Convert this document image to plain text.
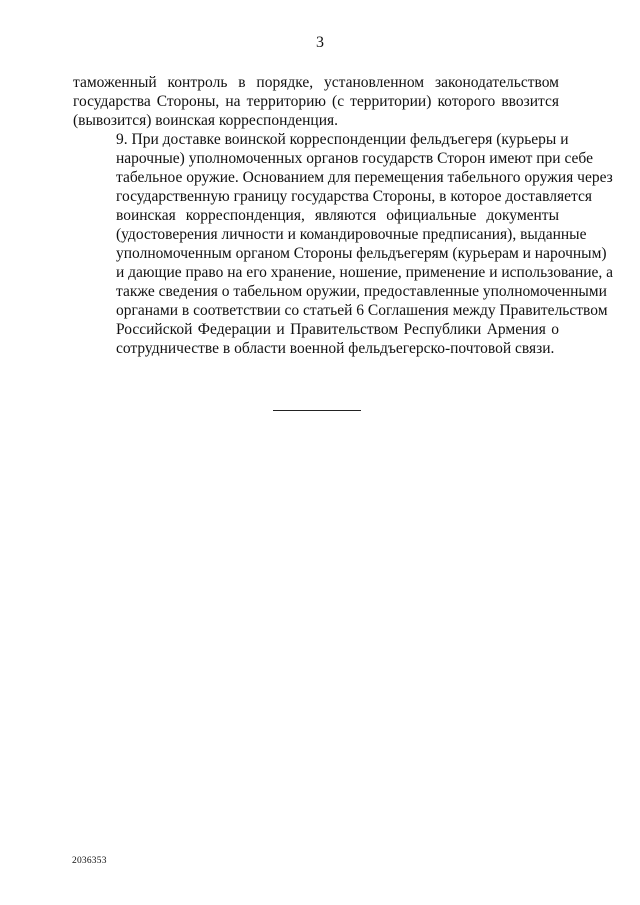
3

таможенный контроль в порядке, установленном законодательством
государства Стороны, на территорию (с территории) которого ввозится
(вывозится) воинская корреспонденция.

9. При доставке воинской корреспонденции фельдъегеря (курьеры и
нарочные) уполномоченных органов государств Сторон имеют при себе
табельное оружие. Основанием для перемещения табельного оружия через
государственную границу государства Стороны, в которое доставляется
воинская корреспонденция, являются официальные документы
(удостоверения личности и командировочные предписания), выданные
уполномоченным органом Стороны фельдъегерям (курьерам и нарочным)
и дающие право на его хранение, ношение, применение и использование, а
также сведения о табельном оружии, предоставленные уполномоченными
органами в соответствии со статьей 6 Соглашения между Правительством
Российской Федерации и Правительством Республики Армения о
сотрудничестве в области военной фельдъегерско-почтовой связи.

2036353
